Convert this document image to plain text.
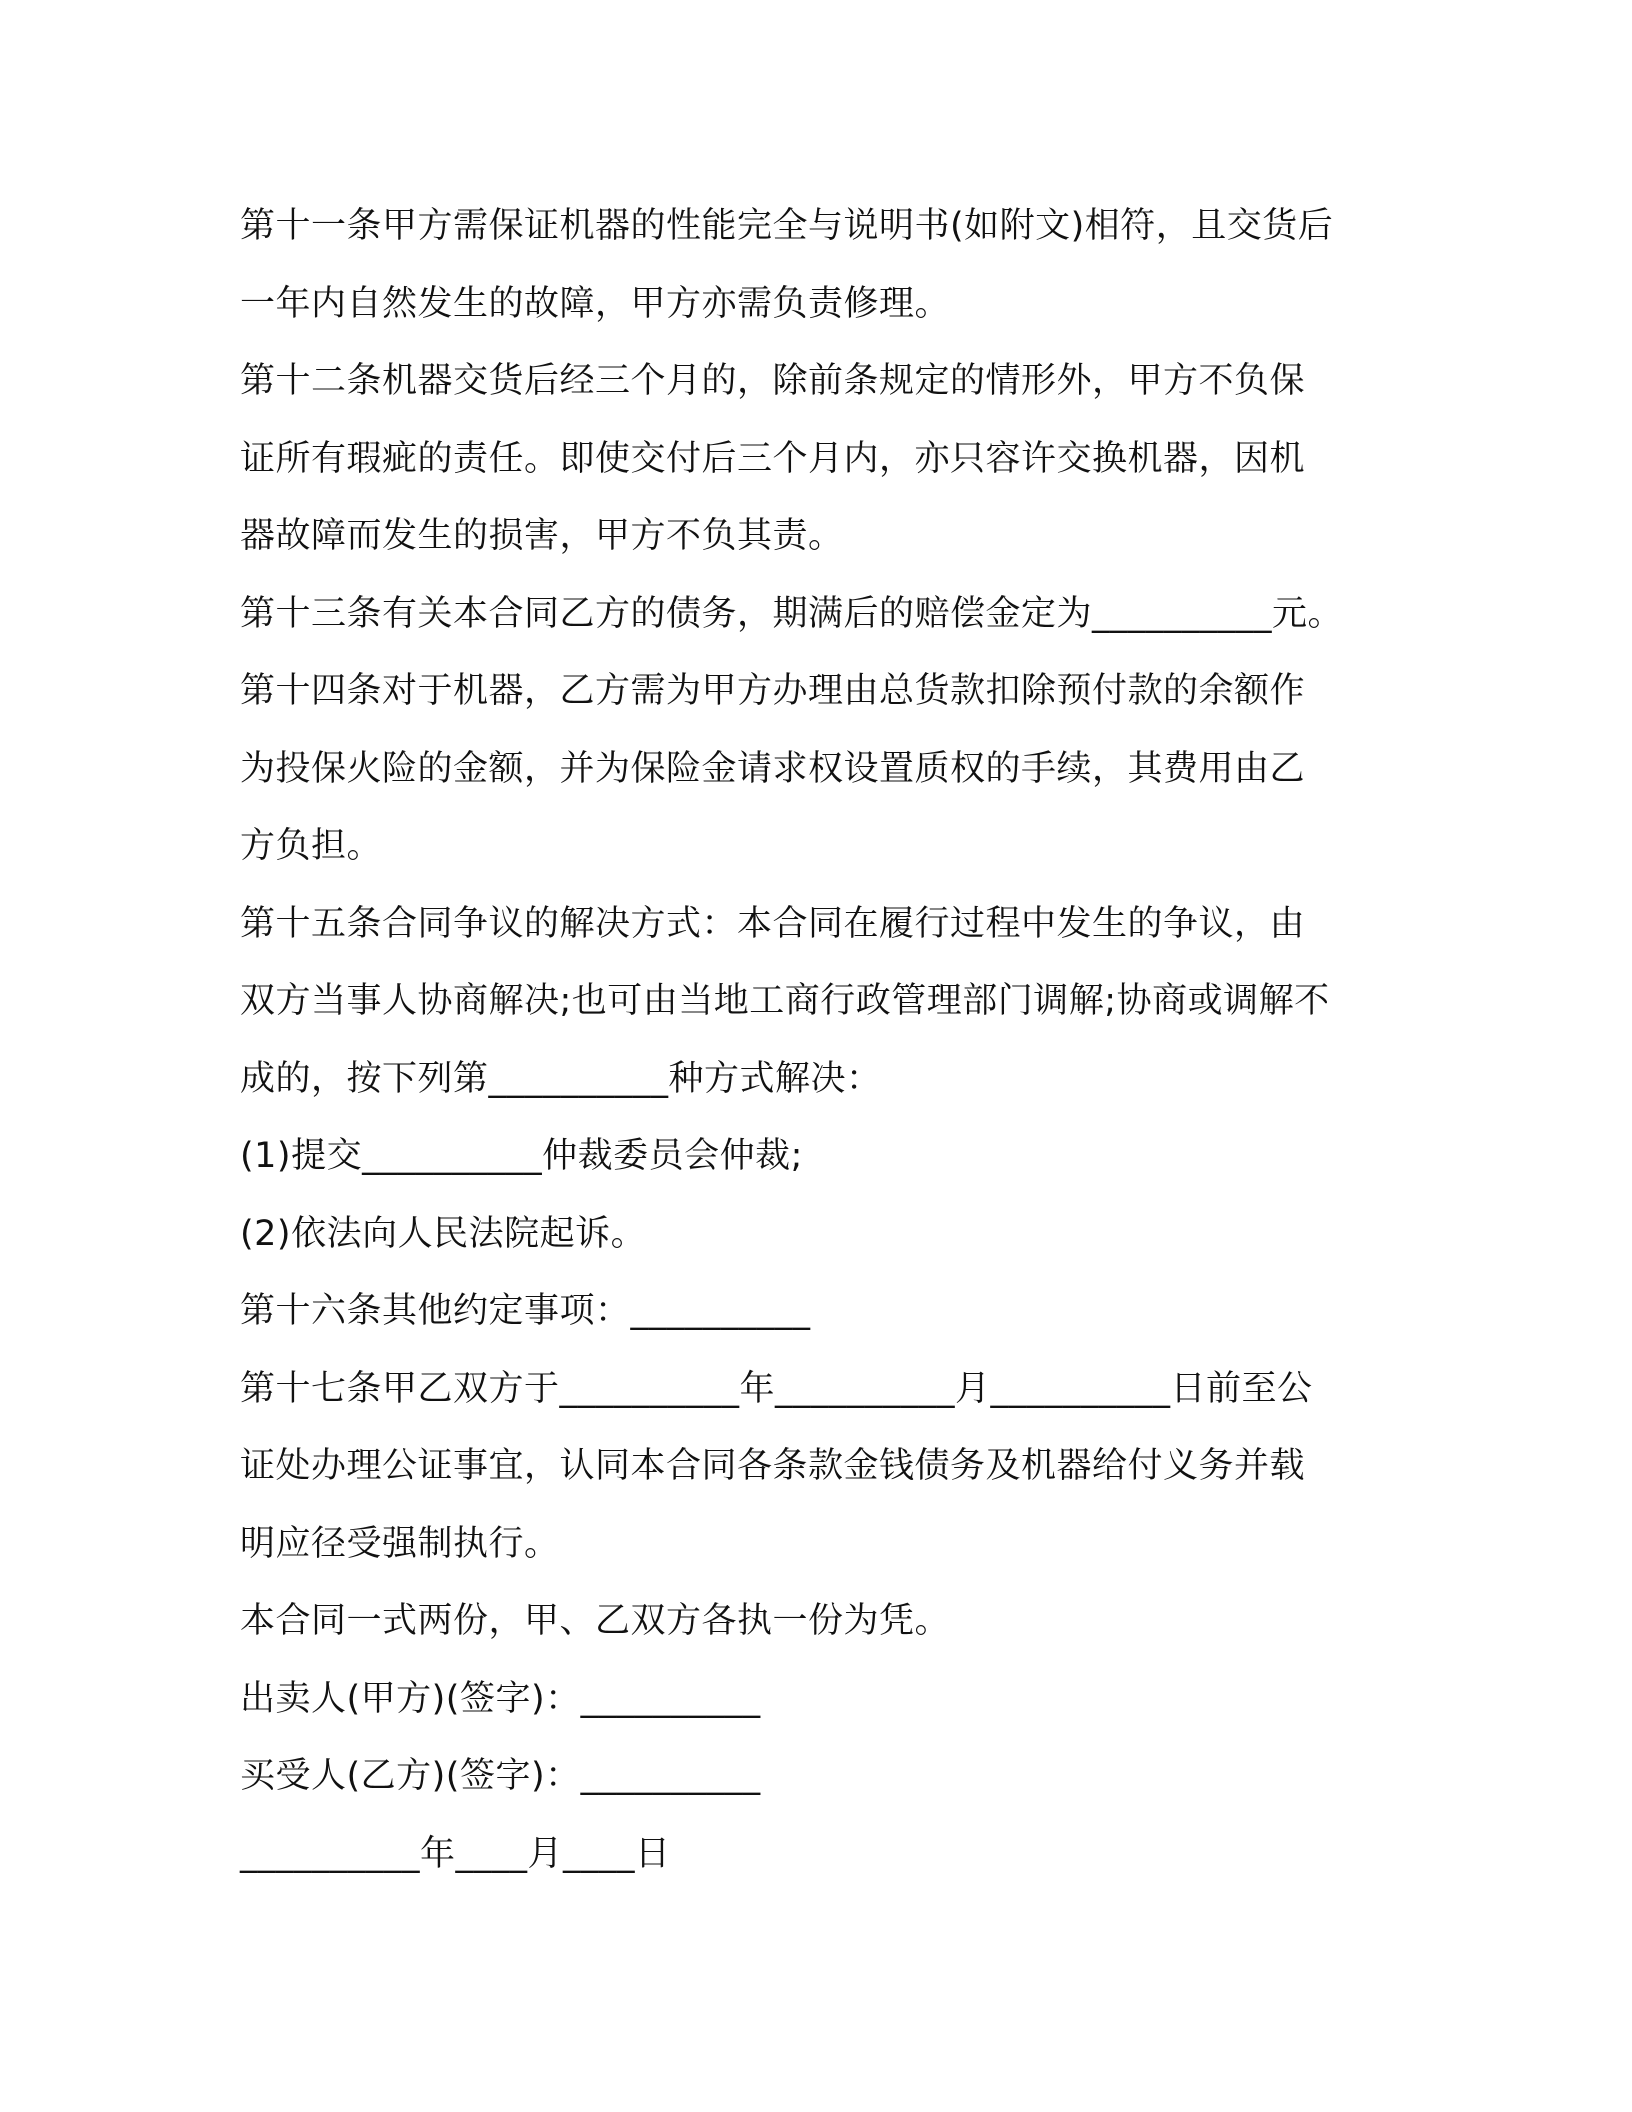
第十一条甲方需保证机器的性能完全与说明书(如附文)相符，且交货后
一年内自然发生的故障，甲方亦需负责修理。
第十二条机器交货后经三个月的，除前条规定的情形外，甲方不负保
证所有瑕疵的责任。即使交付后三个月内，亦只容许交换机器，因机
器故障而发生的损害，甲方不负其责。
第十三条有关本合同乙方的债务，期满后的赔偿金定为__________元。
第十四条对于机器，乙方需为甲方办理由总货款扣除预付款的余额作
为投保火险的金额，并为保险金请求权设置质权的手续，其费用由乙
方负担。
第十五条合同争议的解决方式：本合同在履行过程中发生的争议，由
双方当事人协商解决;也可由当地工商行政管理部门调解;协商或调解不
成的，按下列第__________种方式解决：
(1)提交__________仲裁委员会仲裁;
(2)依法向人民法院起诉。
第十六条其他约定事项：__________
第十七条甲乙双方于__________年__________月__________日前至公
证处办理公证事宜，认同本合同各条款金钱债务及机器给付义务并载
明应径受强制执行。
本合同一式两份，甲、乙双方各执一份为凭。
出卖人(甲方)(签字)：__________
买受人(乙方)(签字)：__________
__________年____月____日
